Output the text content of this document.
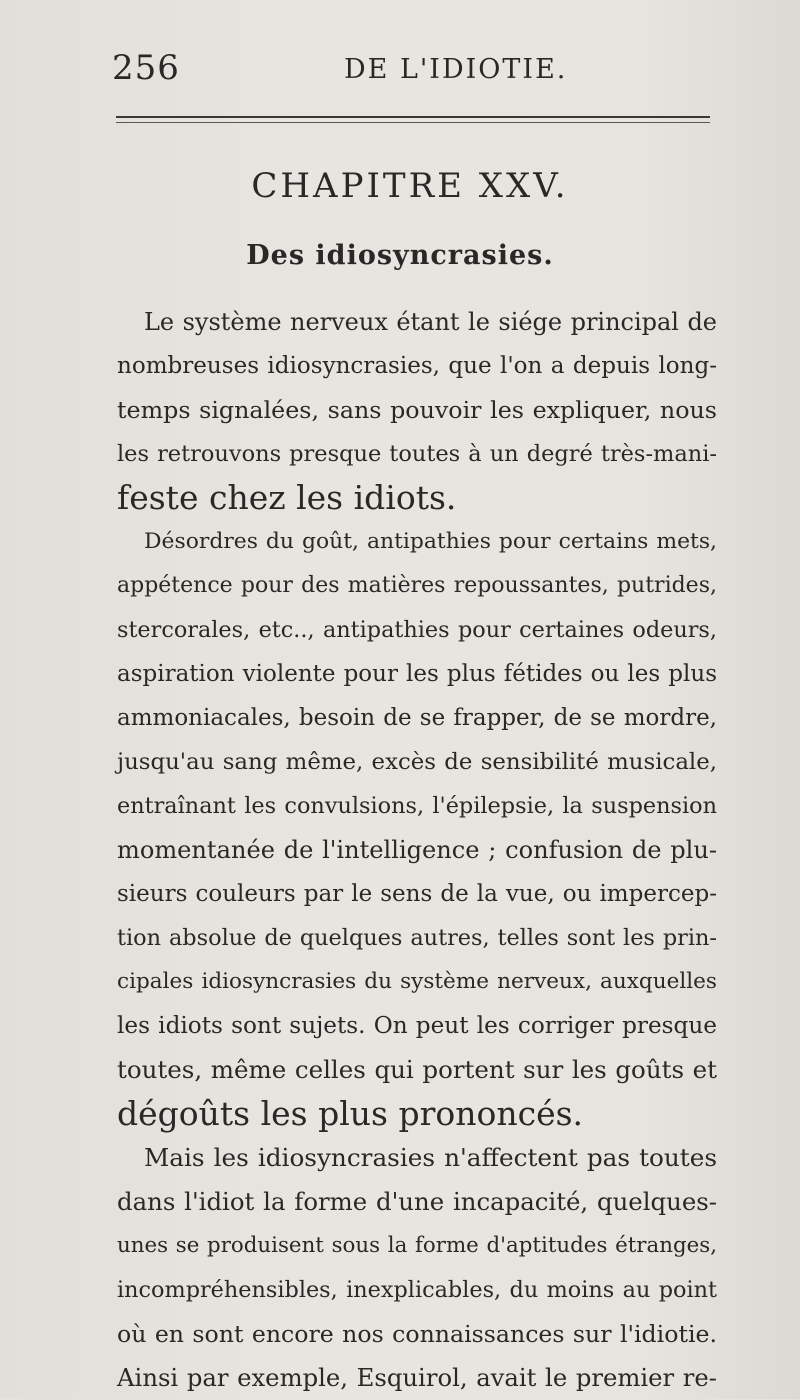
256	DE L'IDIOTIE.
CHAPITRE XXV.
Des idiosyncrasies.
Le système nerveux étant le siége principal de
nombreuses idiosyncrasies, que l'on a depuis long-
temps signalées, sans pouvoir les expliquer, nous
les retrouvons presque toutes à un degré très-mani-
feste chez les idiots.
Désordres du goût, antipathies pour certains mets,
appétence pour des matières repoussantes, putrides,
stercorales, etc.., antipathies pour certaines odeurs,
aspiration violente pour les plus fétides ou les plus
ammoniacales, besoin de se frapper, de se mordre,
jusqu'au sang même, excès de sensibilité musicale,
entraînant les convulsions, l'épilepsie, la suspension
momentanée de l'intelligence ; confusion de plu-
sieurs couleurs par le sens de la vue, ou impercep-
tion absolue de quelques autres, telles sont les prin-
cipales idiosyncrasies du système nerveux, auxquelles
les idiots sont sujets. On peut les corriger presque
toutes, même celles qui portent sur les goûts et
dégoûts les plus prononcés.
Mais les idiosyncrasies n'affectent pas toutes
dans l'idiot la forme d'une incapacité, quelques-
unes se produisent sous la forme d'aptitudes étranges,
incompréhensibles, inexplicables, du moins au point
où en sont encore nos connaissances sur l'idiotie.
Ainsi par exemple, Esquirol, avait le premier re-
